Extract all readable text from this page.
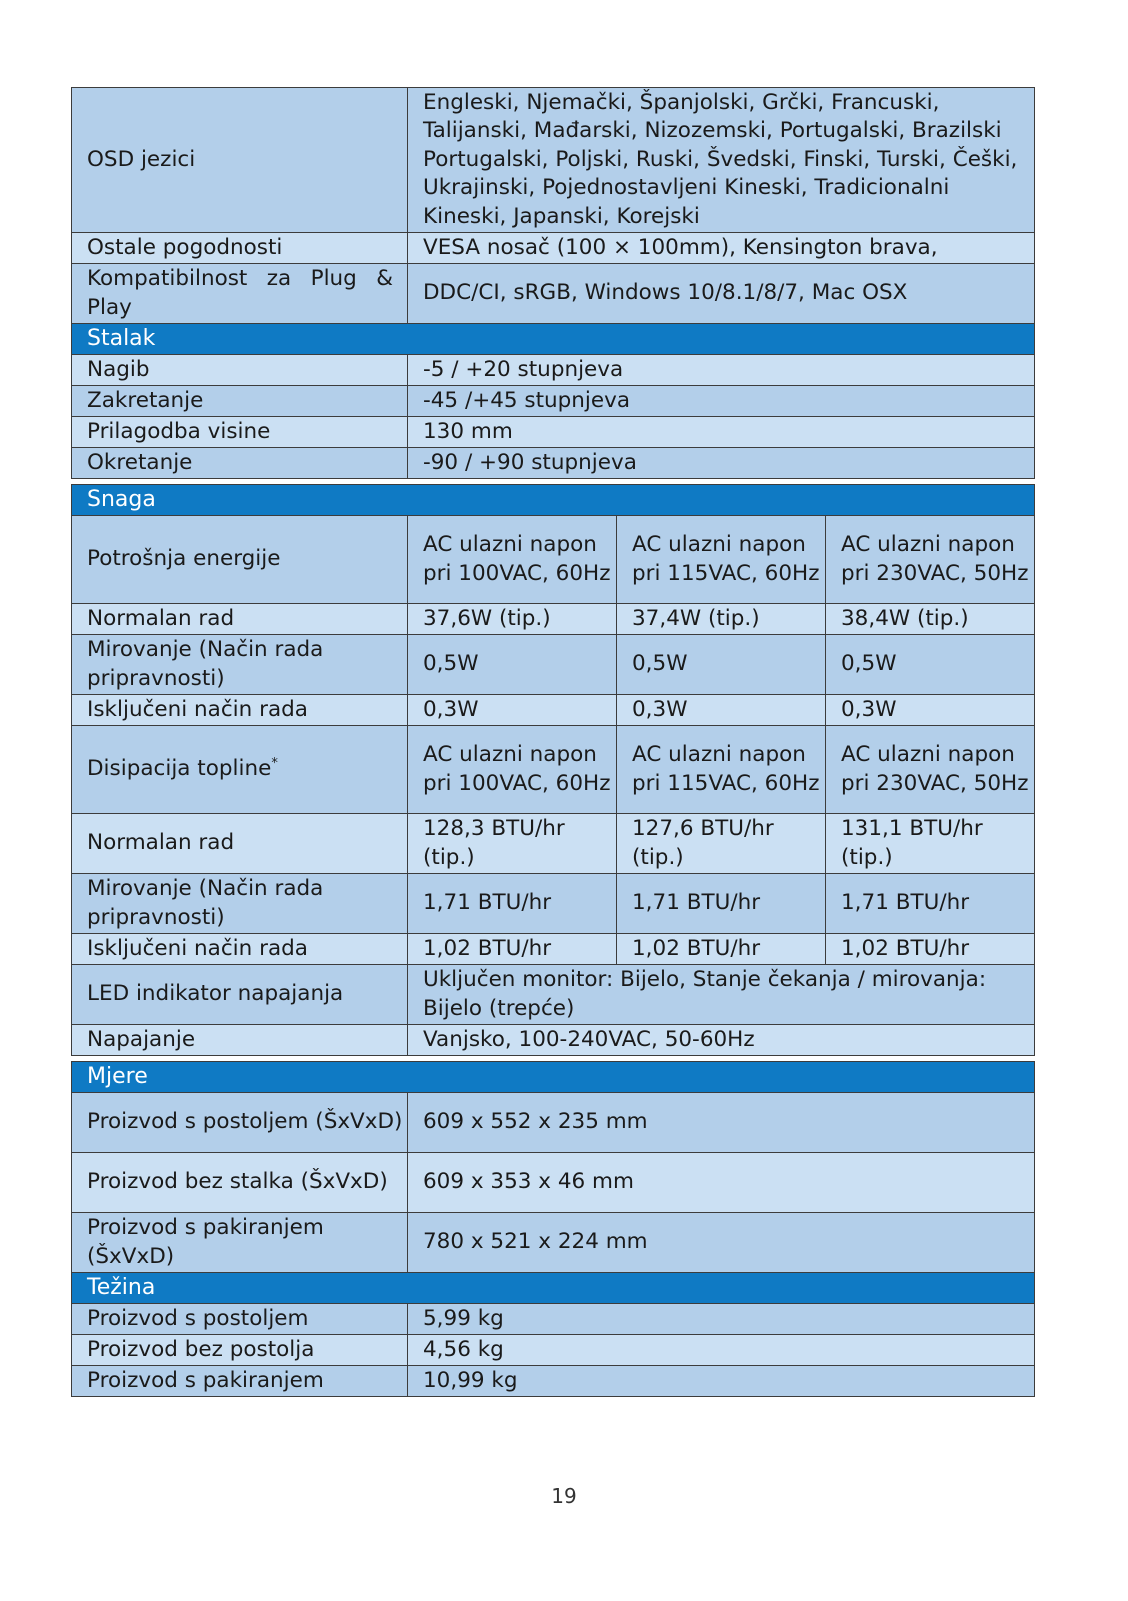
OSD jezici	Engleski, Njemački, Španjolski, Grčki, Francuski, Talijanski, Mađarski, Nizozemski, Portugalski, Brazilski Portugalski, Poljski, Ruski, Švedski, Finski, Turski, Češki, Ukrajinski, Pojednostavljeni Kineski, Tradicionalni Kineski, Japanski, Korejski
Ostale pogodnosti	VESA nosač (100 × 100mm), Kensington brava,
Kompatibilnost za Plug & Play	DDC/CI, sRGB, Windows 10/8.1/8/7, Mac OSX
Stalak	
Nagib	-5 / +20 stupnjeva
Zakretanje	-45 /+45 stupnjeva
Prilagodba visine	130 mm
Okretanje	-90 / +90 stupnjeva
Snaga			
Potrošnja energije	AC ulazni napon pri 100VAC, 60Hz	AC ulazni napon pri 115VAC, 60Hz	AC ulazni napon pri 230VAC, 50Hz
Normalan rad	37,6W (tip.)	37,4W (tip.)	38,4W (tip.)
Mirovanje (Način rada pripravnosti)	0,5W	0,5W	0,5W
Isključeni način rada	0,3W	0,3W	0,3W
Disipacija topline*	AC ulazni napon pri 100VAC, 60Hz	AC ulazni napon pri 115VAC, 60Hz	AC ulazni napon pri 230VAC, 50Hz
Normalan rad	128,3 BTU/hr (tip.)	127,6 BTU/hr (tip.)	131,1 BTU/hr (tip.)
Mirovanje (Način rada pripravnosti)	1,71 BTU/hr	1,71 BTU/hr	1,71 BTU/hr
Isključeni način rada	1,02 BTU/hr	1,02 BTU/hr	1,02 BTU/hr
LED indikator napajanja	Uključen monitor: Bijelo, Stanje čekanja / mirovanja: Bijelo (trepće)		
Napajanje	Vanjsko, 100-240VAC, 50-60Hz		
Mjere	
Proizvod s postoljem (ŠxVxD)	609 x 552 x 235 mm
Proizvod bez stalka (ŠxVxD)	609 x 353 x 46 mm
Proizvod s pakiranjem (ŠxVxD)	780 x 521 x 224 mm
Težina	
Proizvod s postoljem	5,99 kg
Proizvod bez postolja	4,56 kg
Proizvod s pakiranjem	10,99 kg
19
